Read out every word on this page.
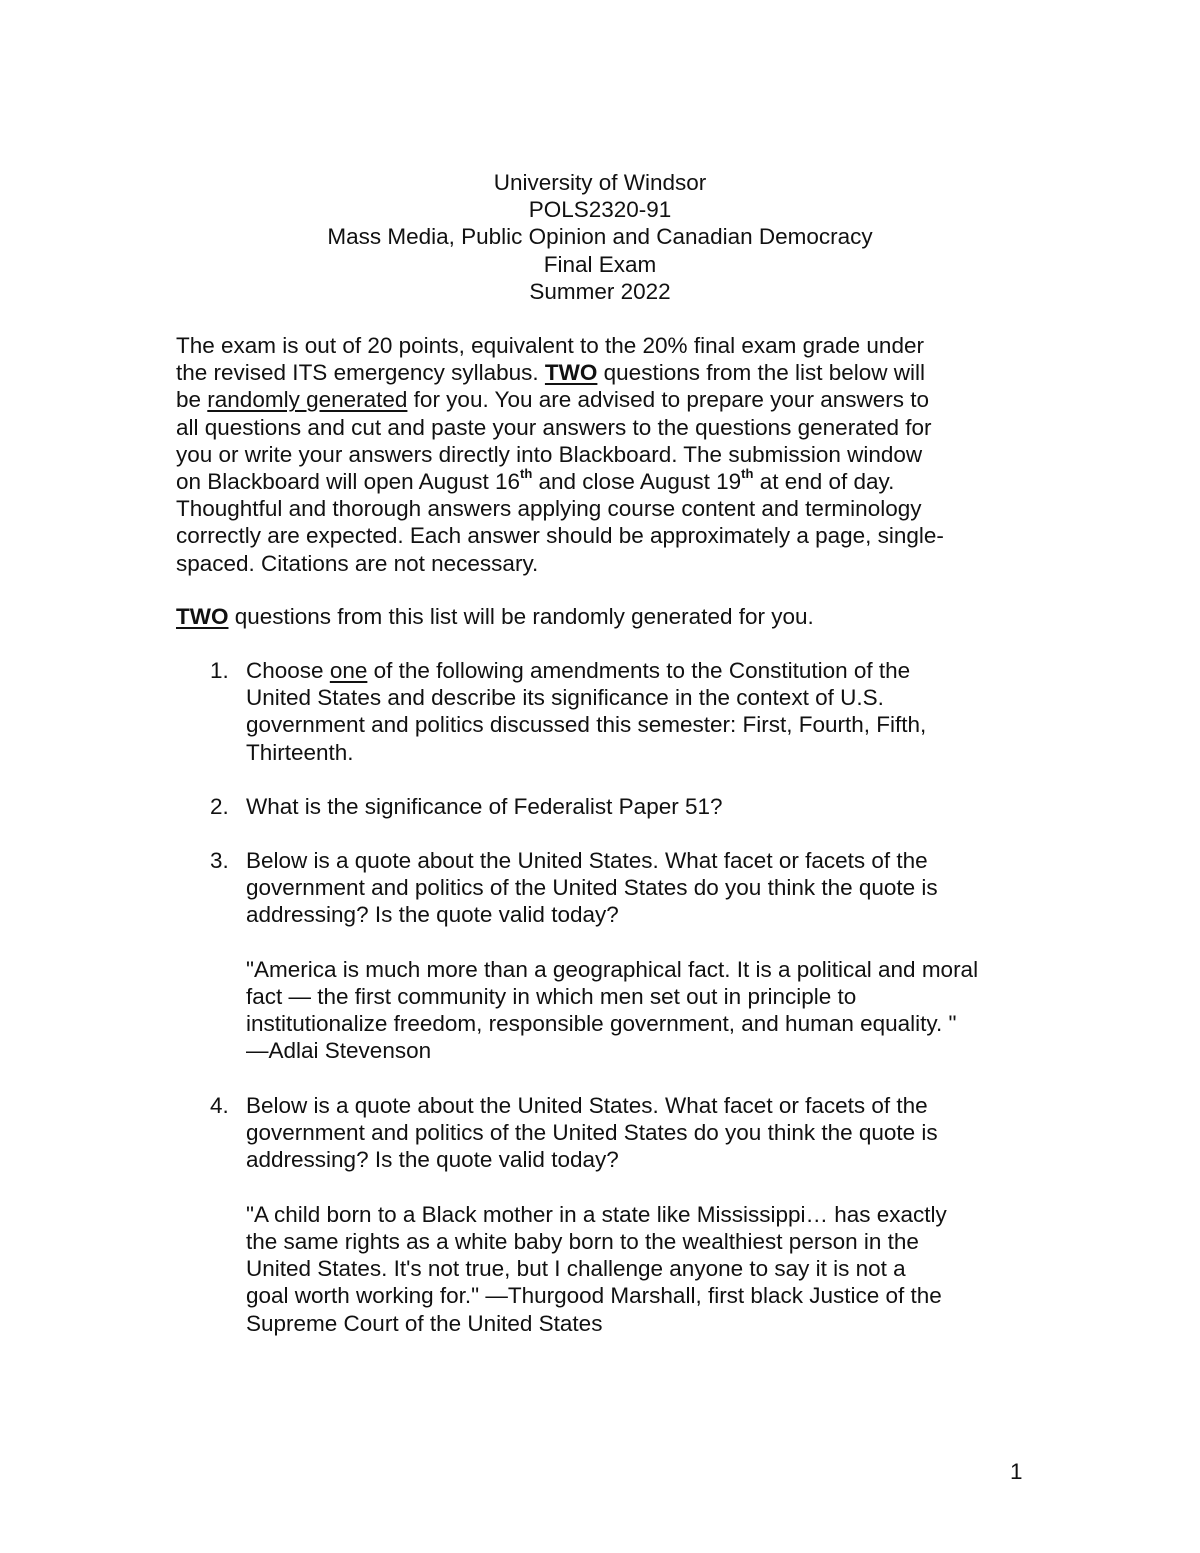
University of Windsor
POLS2320-91
Mass Media, Public Opinion and Canadian Democracy
Final Exam
Summer 2022
The exam is out of 20 points, equivalent to the 20% final exam grade under
the revised ITS emergency syllabus. TWO questions from the list below will
be randomly generated for you. You are advised to prepare your answers to
all questions and cut and paste your answers to the questions generated for
you or write your answers directly into Blackboard. The submission window
on Blackboard will open August 16th and close August 19th at end of day.
Thoughtful and thorough answers applying course content and terminology
correctly are expected. Each answer should be approximately a page, single-
spaced. Citations are not necessary.
TWO questions from this list will be randomly generated for you.
1. Choose one of the following amendments to the Constitution of the
United States and describe its significance in the context of U.S.
government and politics discussed this semester: First, Fourth, Fifth,
Thirteenth.
2. What is the significance of Federalist Paper 51?
3. Below is a quote about the United States. What facet or facets of the
government and politics of the United States do you think the quote is
addressing? Is the quote valid today?
"America is much more than a geographical fact. It is a political and moral
fact — the first community in which men set out in principle to
institutionalize freedom, responsible government, and human equality. "
—Adlai Stevenson
4. Below is a quote about the United States. What facet or facets of the
government and politics of the United States do you think the quote is
addressing? Is the quote valid today?
"A child born to a Black mother in a state like Mississippi… has exactly
the same rights as a white baby born to the wealthiest person in the
United States. It's not true, but I challenge anyone to say it is not a
goal worth working for." —Thurgood Marshall, first black Justice of the
Supreme Court of the United States
1
